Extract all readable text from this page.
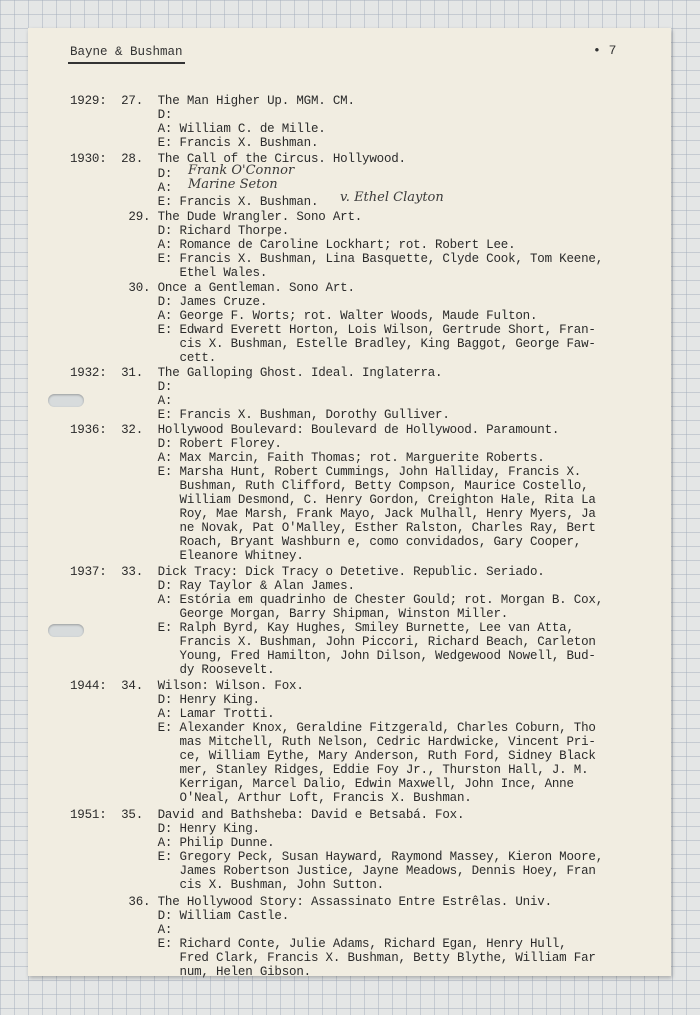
Bayne & Bushman	• 7
1929:  27.  The Man Higher Up. MGM. CM.
D:
A: William C. de Mille.
E: Francis X. Bushman.
1930:  28.  The Call of the Circus. Hollywood.
D:
A:
E: Francis X. Bushman.
29. The Dude Wrangler. Sono Art.
D: Richard Thorpe.
A: Romance de Caroline Lockhart; rot. Robert Lee.
E: Francis X. Bushman, Lina Basquette, Clyde Cook, Tom Keene,
Ethel Wales.
30. Once a Gentleman. Sono Art.
D: James Cruze.
A: George F. Worts; rot. Walter Woods, Maude Fulton.
E: Edward Everett Horton, Lois Wilson, Gertrude Short, Fran-
cis X. Bushman, Estelle Bradley, King Baggot, George Faw-
cett.
1932:  31.  The Galloping Ghost. Ideal. Inglaterra.
D:
A:
E: Francis X. Bushman, Dorothy Gulliver.
1936:  32.  Hollywood Boulevard: Boulevard de Hollywood. Paramount.
D: Robert Florey.
A: Max Marcin, Faith Thomas; rot. Marguerite Roberts.
E: Marsha Hunt, Robert Cummings, John Halliday, Francis X.
Bushman, Ruth Clifford, Betty Compson, Maurice Costello,
William Desmond, C. Henry Gordon, Creighton Hale, Rita La
Roy, Mae Marsh, Frank Mayo, Jack Mulhall, Henry Myers, Ja
ne Novak, Pat O'Malley, Esther Ralston, Charles Ray, Bert
Roach, Bryant Washburn e, como convidados, Gary Cooper,
Eleanore Whitney.
1937:  33.  Dick Tracy: Dick Tracy o Detetive. Republic. Seriado.
D: Ray Taylor & Alan James.
A: Estória em quadrinho de Chester Gould; rot. Morgan B. Cox,
George Morgan, Barry Shipman, Winston Miller.
E: Ralph Byrd, Kay Hughes, Smiley Burnette, Lee van Atta,
Francis X. Bushman, John Piccori, Richard Beach, Carleton
Young, Fred Hamilton, John Dilson, Wedgewood Nowell, Bud-
dy Roosevelt.
1944:  34.  Wilson: Wilson. Fox.
D: Henry King.
A: Lamar Trotti.
E: Alexander Knox, Geraldine Fitzgerald, Charles Coburn, Tho
mas Mitchell, Ruth Nelson, Cedric Hardwicke, Vincent Pri-
ce, William Eythe, Mary Anderson, Ruth Ford, Sidney Black
mer, Stanley Ridges, Eddie Foy Jr., Thurston Hall, J. M.
Kerrigan, Marcel Dalio, Edwin Maxwell, John Ince, Anne
O'Neal, Arthur Loft, Francis X. Bushman.
1951:  35.  David and Bathsheba: David e Betsabá. Fox.
D: Henry King.
A: Philip Dunne.
E: Gregory Peck, Susan Hayward, Raymond Massey, Kieron Moore,
James Robertson Justice, Jayne Meadows, Dennis Hoey, Fran
cis X. Bushman, John Sutton.
36. The Hollywood Story: Assassinato Entre Estrêlas. Univ.
D: William Castle.
A:
E: Richard Conte, Julie Adams, Richard Egan, Henry Hull,
Fred Clark, Francis X. Bushman, Betty Blythe, William Far
num, Helen Gibson.
Frank O'Connor
Marine Seton
v. Ethel Clayton
